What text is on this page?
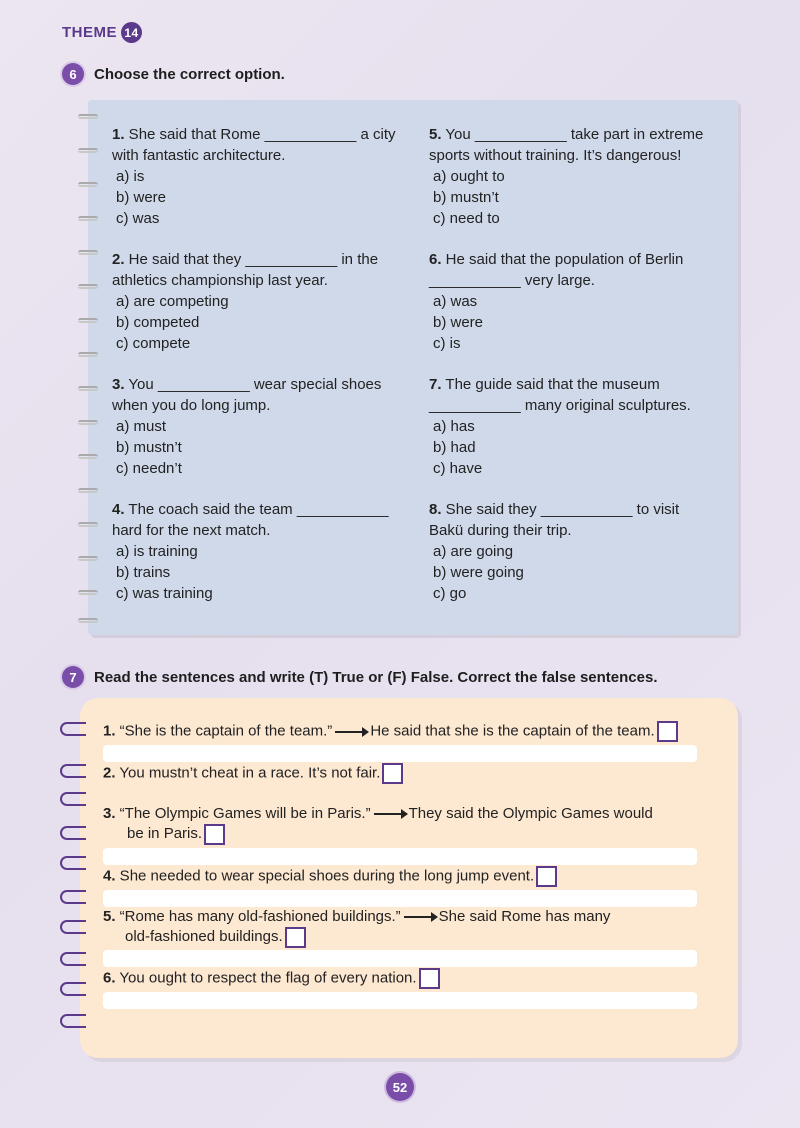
THEME 14
6	Choose the correct option.
1. She said that Rome ___________ a city
with fantastic architecture.
a) is
b) were
c) was
2. He said that they ___________ in the
athletics championship last year.
a) are competing
b) competed
c) compete
3. You ___________ wear special shoes
when you do long jump.
a) must
b) mustn’t
c) needn’t
4. The coach said the team ___________
hard for the next match.
a) is training
b) trains
c) was training
5. You ___________ take part in extreme
sports without training. It’s dangerous!
a) ought to
b) mustn’t
c) need to
6. He said that the population of Berlin
___________ very large.
a) was
b) were
c) is
7. The guide said that the museum
___________ many original sculptures.
a) has
b) had
c) have
8. She said they ___________ to visit
Bakü during their trip.
a) are going
b) were going
c) go
7	Read the sentences and write (T) True or (F) False. Correct the false sentences.
1. “She is the captain of the team.”	He said that she is the captain of the team.
2. You mustn’t cheat in a race. It’s not fair.
3. “The Olympic Games will be in Paris.”	They said the Olympic Games would
be in Paris.
4. She needed to wear special shoes during the long jump event.
5. “Rome has many old-fashioned buildings.”	She said Rome has many
old-fashioned buildings.
6. You ought to respect the flag of every nation.
52
